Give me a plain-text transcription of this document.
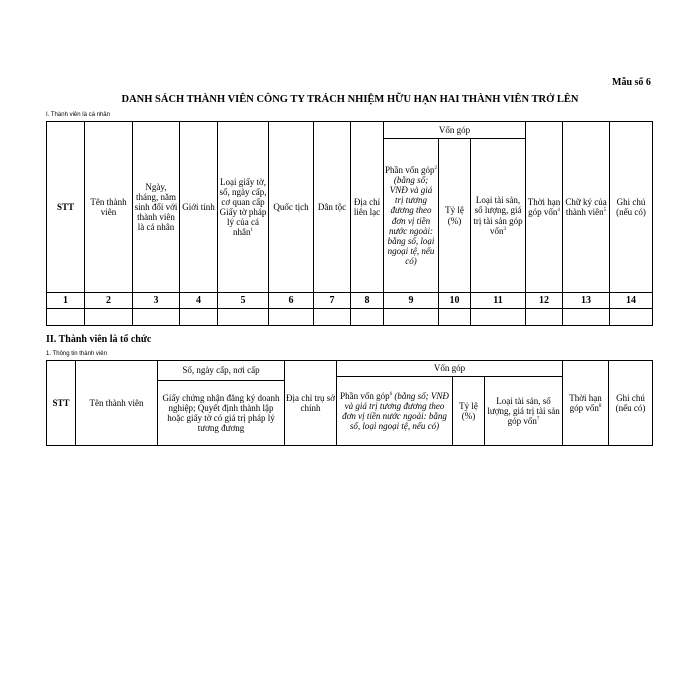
Mẫu số 6
DANH SÁCH THÀNH VIÊN CÔNG TY TRÁCH NHIỆM HỮU HẠN HAI THÀNH VIÊN TRỞ LÊN
I. Thành viên là cá nhân
STT	Tên thành viên	Ngày, tháng, năm sinh đối với thành viên là cá nhân	Giới tính	Loại giấy tờ, số, ngày cấp, cơ quan cấp Giấy tờ pháp lý của cá nhân$^1$	Quốc tịch	Dân tộc	Địa chỉ liên lạc	Vốn góp			Thời hạn góp vốn$^4$	Chữ ký của thành viên$^5$	Ghi chú (nếu có)
								Phần vốn góp$^2$ (bằng số; VNĐ và giá trị tương đương theo đơn vị tiền nước ngoài: bằng số, loại ngoại tệ, nếu có)	Tỷ lệ (%)	Loại tài sản, số lượng, giá trị tài sản góp vốn$^3$
1	2	3	4	5	6	7	8	9	10	11	12	13	14

II. Thành viên là tổ chức
1. Thông tin thành viên
STT	Tên thành viên	Số, ngày cấp, nơi cấp	Địa chỉ trụ sở chính	Vốn góp			Thời hạn góp vốn$^8$	Ghi chú (nếu có)
				Phần vốn góp$^6$ (bằng số; VNĐ và giá trị tương đương theo đơn vị tiền nước ngoài: bằng số, loại ngoại tệ, nếu có)	Tỷ lệ (%)	Loại tài sản, số lượng, giá trị tài sản góp vốn$^7$
		Giấy chứng nhận đăng ký doanh nghiệp; Quyết định thành lập hoặc giấy tờ có giá trị pháp lý tương đương						
